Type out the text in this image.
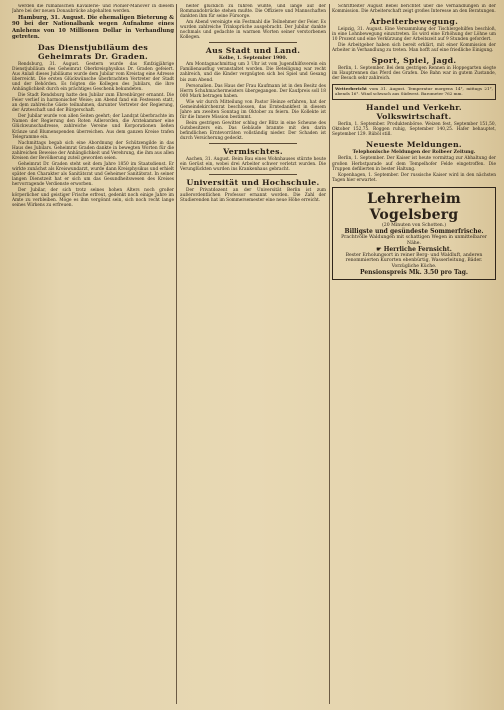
werden die rumänischen Kavallerie- und Pionier-Manöver in diesem Jahre bei der neuen Donaubrücke abgehalten werden.

Hamburg, 31. August. Die ehemaligen Bieterung & 90 bei der Nationalbank wegen Aufnahme eines Anlehens von 10 Millionen Dollar in Verhandlung getreten.

Das Dienstjubiläum des Geheimrats Dr. Graden.

Rendsburg, 31. August. Gestern wurde das fünfzigjährige Dienstjubiläum des Geheimrat Oberkreisphysikus Dr. Graden gefeiert. Aus Anlaß dieses Jubiläums wurde dem Jubilar vom Kreistag eine Adresse überreicht. Die ersten Glückwünsche überbrachten Vertreter der Stadt und der Behörden. Es folgten die Kollegen des Jubilars, die ihre Anhänglichkeit durch ein prächtiges Geschenk bekundeten.

Die Stadt Rendsburg hatte den Jubilar zum Ehrenbürger ernannt. Die Feier verlief in harmonischer Weise; am Abend fand ein Festessen statt, an dem zahlreiche Gäste teilnahmen, darunter Vertreter der Regierung, der Ärzteschaft und der Bürgerschaft.

Der Jubilar wurde von allen Seiten geehrt; der Landrat überbrachte im Namen der Regierung den Roten Adlerorden, die Ärztekammer eine Glückwunschadresse, zahlreiche Vereine und Korporationen ließen Kränze und Blumenspenden überreichen. Aus dem ganzen Kreise trafen Telegramme ein.

Nachmittags begab sich eine Abordnung der Schützengilde in das Haus des Jubilars. Geheimrat Graden dankte in bewegten Worten für die zahlreichen Beweise der Anhänglichkeit und Verehrung, die ihm aus allen Kreisen der Bevölkerung zuteil geworden seien.

Geheimrat Dr. Graden steht seit dem Jahre 1850 im Staatsdienst. Er wirkte zunächst als Kreiswundarzt, wurde dann Kreisphysikus und erhielt später den Charakter als Sanitätsrat und Geheimer Sanitätsrat. In seiner langen Dienstzeit hat er sich um das Gesundheitswesen des Kreises hervorragende Verdienste erworben.

Der Jubilar, der sich trotz seines hohen Alters noch großer körperlicher und geistiger Frische erfreut, gedenkt noch einige Jahre im Amte zu verbleiben. Möge es ihm vergönnt sein, sich noch recht lange seines Wirkens zu erfreuen.

heiter glücklich zu führen wußte, und lange auf der Rommandobrücke stehen mußte. Die Offiziere und Mannschaften dankten ihm für seine Fürsorge.

Am Abend vereinigte ein Festmahl die Teilnehmer der Feier. Es wurden zahlreiche Trinksprüche ausgebracht. Der Jubilar dankte nochmals und gedachte in warmen Worten seiner verstorbenen Kollegen.

Aus Stadt und Land.
Kolbe, 1. September 1900.

Am Montagnachmittag um 3 Uhr ist vom Jugendhilfsverein ein Familienausflug veranstaltet worden. Die Beteiligung war recht zahlreich, und die Kinder vergnügten sich bei Spiel und Gesang bis zum Abend.

Personalien. Das Haus der Frau Kaufmann ist in den Besitz des Herrn Schuhmachermeisters übergegangen. Der Kaufpreis soll 18 000 Mark betragen haben.

Wie wir durch Mitteilung von Pastor Heinze erfahren, hat der Gemeindekirchenrat beschlossen, das Erntedankfest in diesem Jahre am zweiten Sonntag im Oktober zu feiern. Die Kollekte ist für die Innere Mission bestimmt.

Beim gestrigen Gewitter schlug der Blitz in eine Scheune des Gutsbesitzers ein. Das Gebäude brannte mit den darin befindlichen Erntevorräten vollständig nieder. Der Schaden ist durch Versicherung gedeckt.

Vermischtes.

Aachen, 31. August. Beim Bau eines Wohnhauses stürzte heute ein Gerüst ein, wobei drei Arbeiter schwer verletzt wurden. Die Verunglückten wurden ins Krankenhaus gebracht.

Universität und Hochschule.

Der Privatdozent an der Universität Berlin ist zum außerordentlichen Professor ernannt worden. Die Zahl der Studierenden hat im Sommersemester eine neue Höhe erreicht.

Schriftleiter August Bebel berichtet über die Verhandlungen in der Kommission. Die Arbeiterschaft zeigt großes Interesse an den Beratungen.

Arbeiterbewegung.

Leipzig, 31. August. Eine Versammlung der Tischlergehilfen beschloß, in eine Lohnbewegung einzutreten. Es wird eine Erhöhung der Löhne um 10 Prozent und eine Verkürzung der Arbeitszeit auf 9 Stunden gefordert.

Die Arbeitgeber haben sich bereit erklärt, mit einer Kommission der Arbeiter in Verhandlung zu treten. Man hofft auf eine friedliche Einigung.

Sport, Spiel, Jagd.

Berlin, 1. September. Bei dem gestrigen Rennen in Hoppegarten siegte im Hauptrennen das Pferd des Grafen. Die Bahn war in gutem Zustande, der Besuch sehr zahlreich.

Wetterbericht vom 31. August. Temperatur morgens 14°, mittags 21°, abends 16°. Wind schwach aus Südwest. Barometer 762 mm.
Handel und Verkehr. Volkswirtschaft.

Berlin, 1. September. Produktenbörse. Weizen fest, September 151,50, Oktober 152,75. Roggen ruhig, September 140,25. Hafer behauptet, September 129. Rüböl still.

Neueste Meldungen.
Telephonische Meldungen der Rolbeer Zeitung.

Berlin, 1. September. Der Kaiser ist heute vormittag zur Abhaltung der großen Herbstparade auf dem Tempelhofer Felde eingetroffen. Die Truppen defilierten in bester Haltung.

Kopenhagen, 1. September. Der russische Kaiser wird in den nächsten Tagen hier erwartet.

Lehrerheim Vogelsberg
(20 Minuten von Schotten.)
Billigste und gesündeste Sommerfrische.
Prachtvolle Waldungen mit schattigen Wegen in unmittelbarer Nähe.
☛ Herrliche Fernsicht.
Bester Erholungsort in reiner Berg- und Waldluft, anderen renommierten Kurorten ebenbürtig, Wasserleitung, Bäder.
Vorzügliche Küche.
Pensionspreis Mk. 3.50 pro Tag.
